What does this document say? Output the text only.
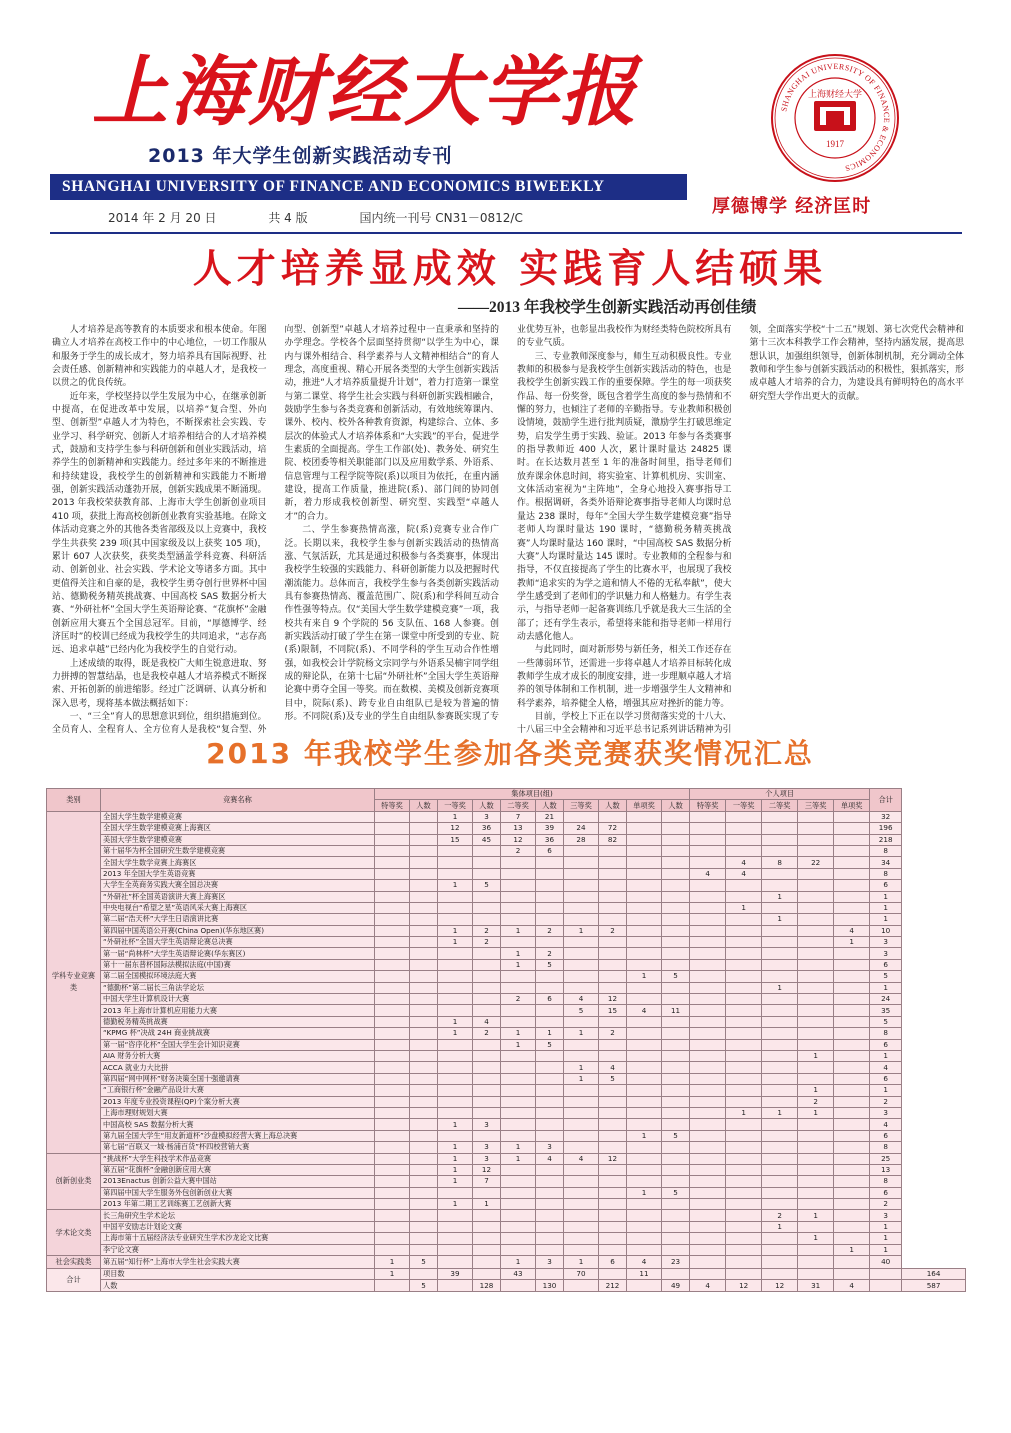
上海财经大学报
2013 年大学生创新实践活动专刊
SHANGHAI UNIVERSITY OF FINANCE AND ECONOMICS BIWEEKLY
2014 年 2 月 20 日	共 4 版	国内统一刊号 CN31－0812/C
SHANGHAI UNIVERSITY OF FINANCE & ECONOMICS
上海财经大学
1917
厚德博学 经济匡时
人才培养显成效 实践育人结硕果
——2013 年我校学生创新实践活动再创佳绩

人才培养是高等教育的本质要求和根本使命。年图确立人才培养在高校工作中的中心地位，一切工作服从和服务于学生的成长成才，努力培养具有国际视野、社会责任感、创新精神和实践能力的卓越人才，是我校一以贯之的优良传统。

近年来，学校坚持以学生发展为中心，在继承创新中提高，在促进改革中发展，以培养“复合型、外向型、创新型”卓越人才为特色，不断探索社会实践、专业学习、科学研究、创新人才培养相结合的人才培养模式，鼓励和支持学生参与科研创新和创业实践活动，培养学生的创新精神和实践能力。经过多年来的不断推进和持续建设，我校学生的创新精神和实践能力不断增强，创新实践活动蓬勃开展，创新实践成果不断涌现。2013 年我校荣获教育部、上海市大学生创新创业项目 410 项，获批上海高校创新创业教育实验基地。在除文体活动竞赛之外的其他各类省部级及以上竞赛中，我校学生共获奖 239 项(其中国家级及以上获奖 105 项)，累计 607 人次获奖，获奖类型涵盖学科竞赛、科研活动、创新创业、社会实践、学术论文等诸多方面。其中更值得关注和自豪的是，我校学生勇夺创行世界杯中国站、德勤税务精英挑战赛、中国高校 SAS 数据分析大赛、“外研社杯”全国大学生英语辩论赛、“花旗杯”金融创新应用大赛五个全国总冠军。目前，“厚德博学、经济匡时”的校训已经成为我校学生的共同追求，“志存高远、追求卓越”已经内化为我校学生的自觉行动。

上述成绩的取得，既是我校广大师生锐意进取、努力拼搏的智慧结晶，也是我校卓越人才培养模式不断探索、开拓创新的前进缩影。经过广泛调研、认真分析和深入思考，现将基本做法概括如下：

一、“三全”育人的思想意识到位，组织措施到位。全员育人、全程育人、全方位育人是我校“复合型、外向型、创新型”卓越人才培养过程中一直秉承和坚持的办学理念。学校各个层面坚持贯彻“以学生为中心，课内与课外相结合、科学素养与人文精神相结合”的育人理念，高度重视、精心开展各类型的大学生创新实践活动，推进“人才培养质量提升计划”，着力打造第一课堂与第二课堂、将学生社会实践与科研创新实践相融合，鼓励学生参与各类竞赛和创新活动，有效地统筹课内、课外、校内、校外各种教育资源，构建综合、立体、多层次的体验式人才培养体系和“大实践”的平台，促进学生素质的全面提高。学生工作部(处)、教务处、研究生院、校团委等相关职能部门以及应用数学系、外语系、信息管理与工程学院等院(系)以项目为依托，在重内涵建设，提高工作质量，推进院(系)、部门间的协同创新，着力形成我校创新型、研究型、实践型“卓越人才”的合力。

二、学生参赛热情高涨，院(系)竞赛专业合作广泛。长期以来，我校学生参与创新实践活动的热情高涨、气氛活跃，尤其是通过积极参与各类赛事，体现出我校学生较强的实践能力、科研创新能力以及把握时代潮流能力。总体而言，我校学生参与各类创新实践活动具有参赛热情高、覆盖范围广、院(系)和学科间互动合作性强等特点。仅“美国大学生数学建模竞赛”一项，我校共有来自 9 个学院的 56 支队伍、168 人参赛。创新实践活动打破了学生在第一课堂中所受到的专业、院(系)限制，不同院(系)、不同学科的学生互动合作性增强，如我校会计学院杨文宗同学与外语系吴楠宇同学组成的辩论队，在第十七届“外研社杯”全国大学生英语辩论赛中勇夺全国一等奖。而在数模、美模及创新竞赛项目中，院际(系)、跨专业自由组队已是较为普遍的情形。不同院(系)及专业的学生自由组队参赛既实现了专业优势互补，也彰显出我校作为财经类特色院校所具有的专业气质。

三、专业教师深度参与，师生互动积极良性。专业教师的积极参与是我校学生创新实践活动的特色，也是我校学生创新实践工作的重要保障。学生的每一项获奖作品、每一份奖誉，既包含着学生高度的参与热情和不懈的努力，也倾注了老师的辛勤指导。专业教师积极创设情境，鼓励学生进行批判质疑，激励学生打破思维定势，启发学生勇于实践、验证。2013 年参与各类赛事的指导教师近 400 人次，累计课时量达 24825 课时。在长达数月甚至 1 年的准备时间里，指导老师们放弃课余休息时间，将实验室、计算机机房、实训室、文体活动室视为“主阵地”，全身心地投入赛事指导工作。根据调研，各类外语辩论赛事指导老师人均课时总量达 238 课时，每年“全国大学生数学建模竞赛”指导老师人均课时量达 190 课时，“德勤税务精英挑战赛”人均课时量达 160 课时，“中国高校 SAS 数据分析大赛”人均课时量达 145 课时。专业教师的全程参与和指导，不仅直接提高了学生的比赛水平，也展现了我校教师“追求实的为学之道和情人不倦的无私奉献”，使大学生感受到了老师们的学识魅力和人格魅力。有学生表示，与指导老师一起备赛训练几乎就是我大三生活的全部了；还有学生表示，希望将来能和指导老师一样用行动去感化他人。

与此同时，面对新形势与新任务，相关工作还存在一些薄弱环节，还需进一步将卓越人才培养目标转化成教师学生成才成长的制度安排，进一步理顺卓越人才培养的领导体制和工作机制，进一步增强学生人文精神和科学素养，培养健全人格，增强其应对挫折的能力等。

目前，学校上下正在以学习贯彻落实党的十八大、十八届三中全会精神和习近平总书记系列讲话精神为引领，全面落实学校“十二五”规划、第七次党代会精神和第十三次本科教学工作会精神，坚持内涵发展，提高思想认识，加强组织领导，创新体制机制，充分调动全体教师和学生参与创新实践活动的积极性，狠抓落实，形成卓越人才培养的合力，为建设具有鲜明特色的高水平研究型大学作出更大的贡献。

2013 年我校学生参加各类竞赛获奖情况汇总
类别	竞赛名称	集体项目(组)										个人项目					合计	
		特等奖	人数	一等奖	人数	二等奖	人数	三等奖	人数	单项奖	人数	特等奖	一等奖	二等奖	三等奖	单项奖		
学科专业竞赛类	全国大学生数学建模竞赛			1	3	7	21										32	
	全国大学生数学建模竞赛上海赛区			12	36	13	39	24	72								196	
	美国大学生数学建模竞赛			15	45	12	36	28	82								218	
	第十届华为杯全国研究生数学建模竞赛					2	6										8	
	全国大学生数学竞赛上海赛区												4	8	22		34	
	2013 年全国大学生英语竞赛											4	4				8	
	大学生全英商务实践大赛全国总决赛			1	5												6	
	“外研社”杯全国英语演讲大赛上海赛区													1			1	
	中央电视台“希望之星”英语风采大赛上海赛区												1				1	
	第二届“浩天杯”大学生日语演讲比赛													1			1	
	第四届中国英语公开赛(China Open)(华东地区赛)			1	2	1	2	1	2							4	10	
	“外研社杯”全国大学生英语辩论赛总决赛			1	2											1	3	
	第一届“尚林杯”大学生英语辩论赛(华东赛区)					1	2										3	
	第十一届东普杯国际法模拟法庭(中国)赛					1	5										6	
	第二届全国模拟环境法庭大赛									1	5						5	
	“德勤杯”第二届长三角法学论坛													1			1	
	中国大学生计算机设计大赛					2	6	4	12								24	
	2013 年上海市计算机应用能力大赛							5	15	4	11						35	
	德勤税务精英挑战赛			1	4												5	
	“KPMG 杯”决战 24H 商业挑战赛			1	2	1	1	1	2								8	
	第一届“咨序化杯”全国大学生会计知识竞赛					1	5										6	
	AIA 财务分析大赛														1		1	
	ACCA 就业力大比拼							1	4								4	
	第四届“网中网杯”财务决策全国十强邀请赛							1	5								6	
	“工商银行杯”金融产品设计大赛														1		1	
	2013 年度专业投资课程(QP)个案分析大赛														2		2	
	上海市理财规划大赛												1	1	1		3	
	中国高校 SAS 数据分析大赛			1	3												4	
	第九届全国大学生“用友新道杯”沙盘模拟经营大赛上海总决赛									1	5						6	
	第七届“百联又一城·杨浦百货”杯四校营销大赛			1	3	1	3										8	
创新创业类	“挑战杯”大学生科技学术作品竞赛			1	3	1	4	4	12								25	
	第五届“花旗杯”金融创新应用大赛			1	12												13	
	2013Enactus 创新公益大赛中国站			1	7												8	
	第四届中国大学生服务外包创新创业大赛									1	5						6	
	2013 年第二期工艺训练赛工艺创新大赛			1	1												2	
学术论文类	长三角研究生学术论坛													2	1		3	
	中国平安励志计划论文赛													1			1	
	上海市第十五届经济法专业研究生学术沙龙论文比赛														1		1	
	李宁论文赛															1	1	
社会实践类	第五届“知行杯”上海市大学生社会实践大赛	1	5			1	3	1	6	4	23						40	
合计	项目数	1		39		43		70		11								164
	人数		5		128		130		212		49	4	12	12	31	4		587
